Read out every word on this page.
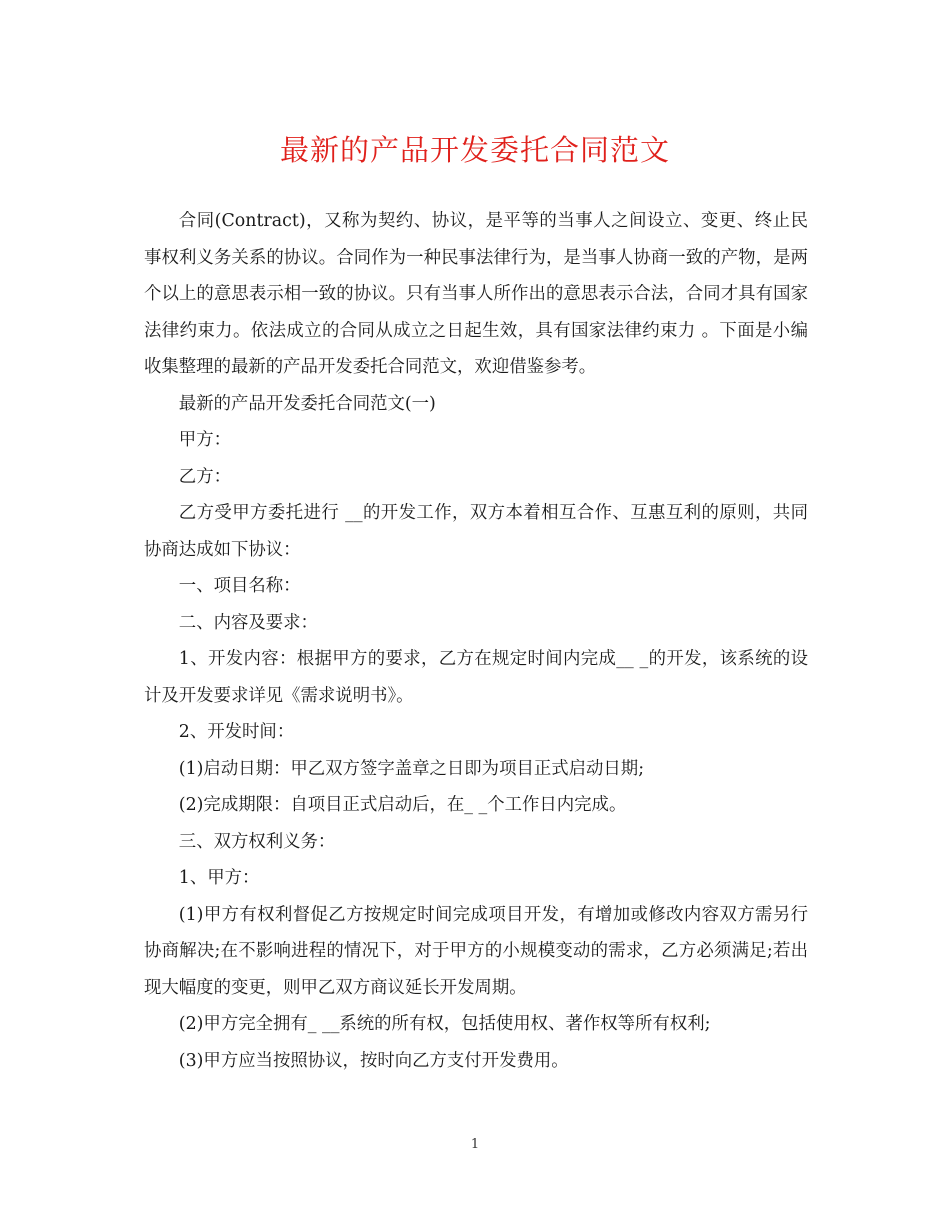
最新的产品开发委托合同范文

合同(Contract)，又称为契约、协议，是平等的当事人之间设立、变更、终止民事权利义务关系的协议。合同作为一种民事法律行为，是当事人协商一致的产物，是两个以上的意思表示相一致的协议。只有当事人所作出的意思表示合法，合同才具有国家法律约束力。依法成立的合同从成立之日起生效，具有国家法律约束力 。下面是小编收集整理的最新的产品开发委托合同范文，欢迎借鉴参考。

最新的产品开发委托合同范文(一)

甲方：

乙方：

乙方受甲方委托进行 __的开发工作，双方本着相互合作、互惠互利的原则，共同协商达成如下协议：

一、项目名称：

二、内容及要求：

1、开发内容：根据甲方的要求，乙方在规定时间内完成__ _的开发，该系统的设计及开发要求详见《需求说明书》。

2、开发时间：

(1)启动日期：甲乙双方签字盖章之日即为项目正式启动日期;

(2)完成期限：自项目正式启动后，在_ _个工作日内完成。

三、双方权利义务：

1、甲方：

(1)甲方有权利督促乙方按规定时间完成项目开发，有增加或修改内容双方需另行协商解决;在不影响进程的情况下，对于甲方的小规模变动的需求，乙方必须满足;若出现大幅度的变更，则甲乙双方商议延长开发周期。

(2)甲方完全拥有_ __系统的所有权，包括使用权、著作权等所有权利;

(3)甲方应当按照协议，按时向乙方支付开发费用。

1
